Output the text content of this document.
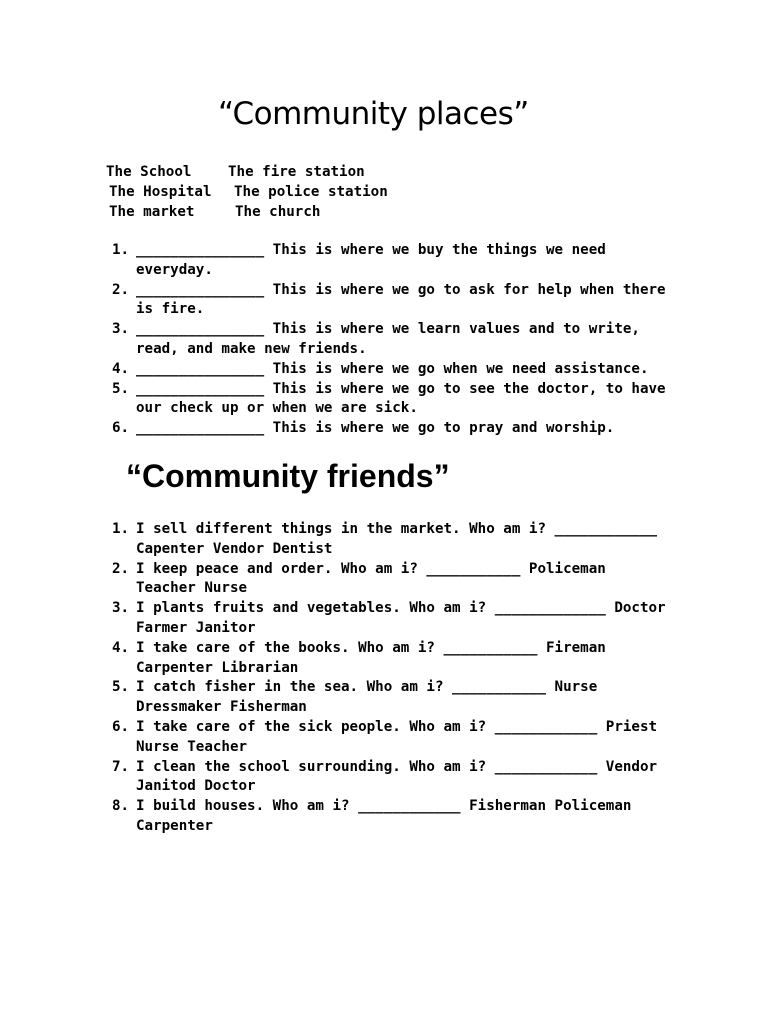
“Community places”
The School	The fire station
The Hospital The police station
The market	The church
1. _______________ This is where we buy the things we need everyday.
2. _______________ This is where we go to ask for help when there is fire.
3. _______________ This is where we learn values and to write, read, and make new friends.
4. _______________ This is where we go when we need assistance.
5. _______________ This is where we go to see the doctor, to have our check up or when we are sick.
6. _______________ This is where we go to pray and worship.
“Community friends”
1. I sell different things in the market. Who am i? ____________ Capenter Vendor Dentist
2. I keep peace and order. Who am i? ___________ Policeman Teacher Nurse
3. I plants fruits and vegetables. Who am i? _____________ Doctor Farmer Janitor
4. I take care of the books. Who am i? ___________ Fireman Carpenter Librarian
5. I catch fisher in the sea. Who am i? ___________ Nurse Dressmaker Fisherman
6. I take care of the sick people. Who am i? ____________ Priest Nurse Teacher
7. I clean the school surrounding. Who am i? ____________ Vendor Janitod Doctor
8. I build houses. Who am i? ____________ Fisherman Policeman Carpenter
